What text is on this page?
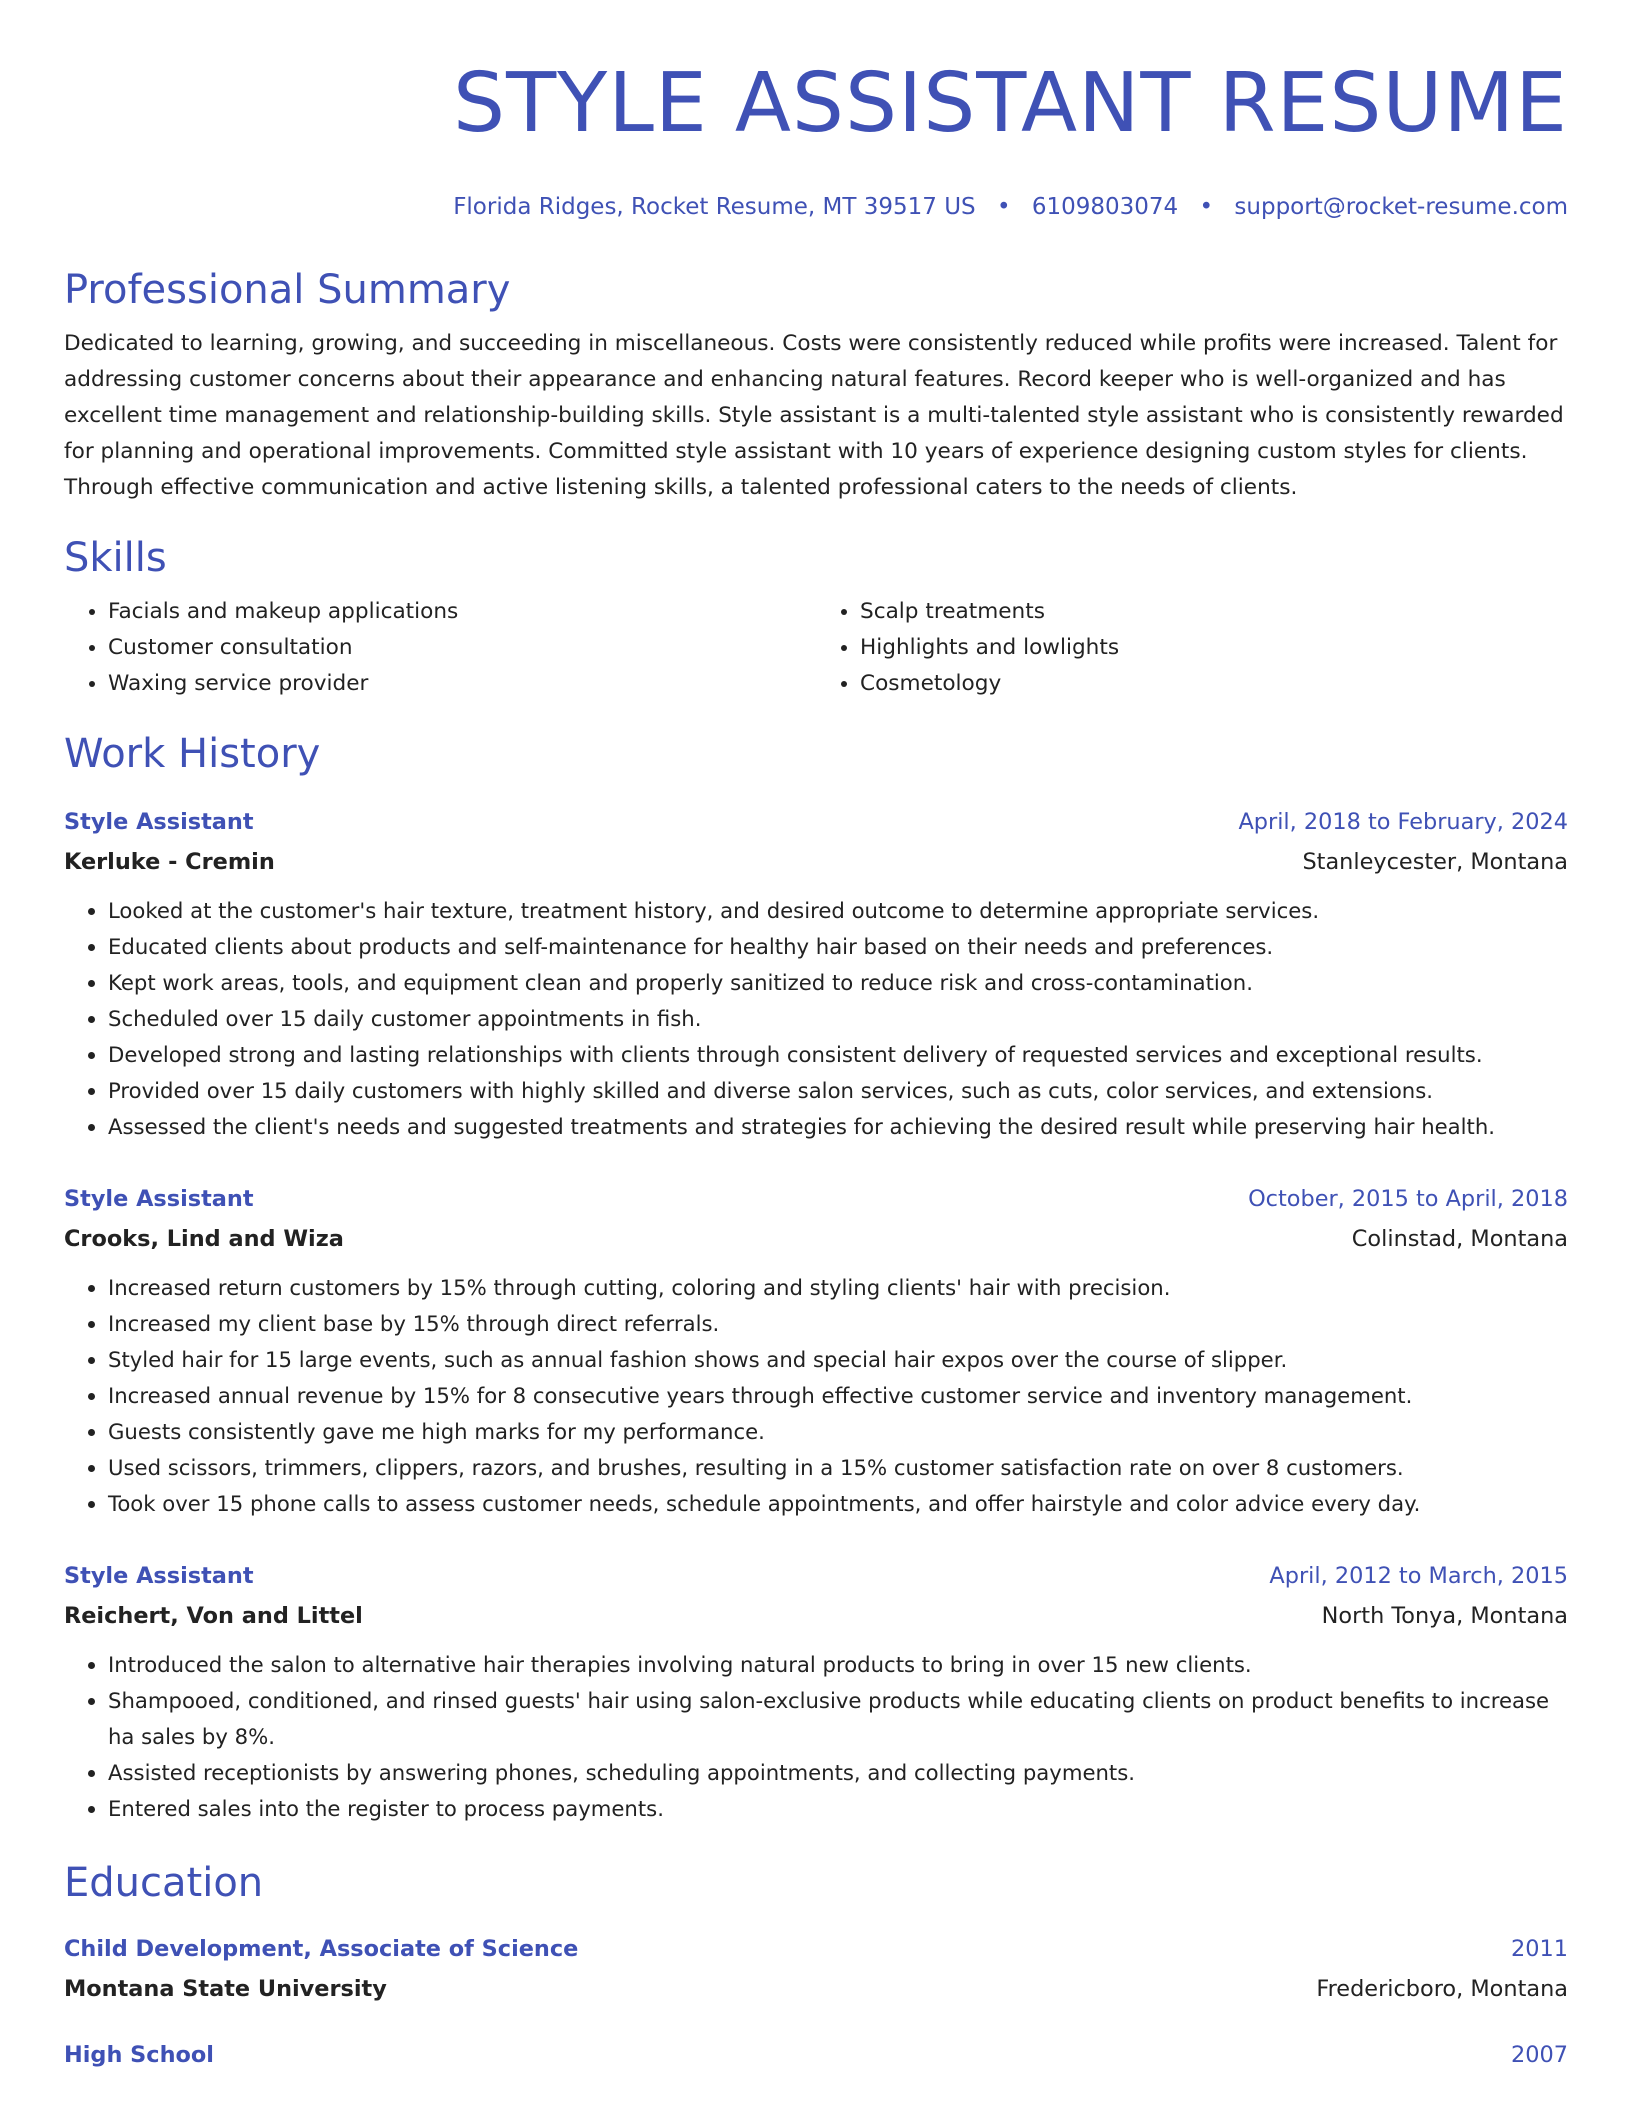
STYLE ASSISTANT RESUME
Florida Ridges, Rocket Resume, MT 39517 US • 6109803074 • support@rocket-resume.com
Professional Summary

Dedicated to learning, growing, and succeeding in miscellaneous. Costs were consistently reduced while profits were increased. Talent for addressing customer concerns about their appearance and enhancing natural features. Record keeper who is well-organized and has excellent time management and relationship-building skills. Style assistant is a multi-talented style assistant who is consistently rewarded for planning and operational improvements. Committed style assistant with 10 years of experience designing custom styles for clients. Through effective communication and active listening skills, a talented professional caters to the needs of clients.

Skills
• Facials and makeup applications
• Customer consultation
• Waxing service provider
• Scalp treatments
• Highlights and lowlights
• Cosmetology
Work History
Style Assistant	April, 2018 to February, 2024
Kerluke - Cremin	Stanleycester, Montana
• Looked at the customer's hair texture, treatment history, and desired outcome to determine appropriate services.
• Educated clients about products and self-maintenance for healthy hair based on their needs and preferences.
• Kept work areas, tools, and equipment clean and properly sanitized to reduce risk and cross-contamination.
• Scheduled over 15 daily customer appointments in fish.
• Developed strong and lasting relationships with clients through consistent delivery of requested services and exceptional results.
• Provided over 15 daily customers with highly skilled and diverse salon services, such as cuts, color services, and extensions.
• Assessed the client's needs and suggested treatments and strategies for achieving the desired result while preserving hair health.
Style Assistant	October, 2015 to April, 2018
Crooks, Lind and Wiza	Colinstad, Montana
• Increased return customers by 15% through cutting, coloring and styling clients' hair with precision.
• Increased my client base by 15% through direct referrals.
• Styled hair for 15 large events, such as annual fashion shows and special hair expos over the course of slipper.
• Increased annual revenue by 15% for 8 consecutive years through effective customer service and inventory management.
• Guests consistently gave me high marks for my performance.
• Used scissors, trimmers, clippers, razors, and brushes, resulting in a 15% customer satisfaction rate on over 8 customers.
• Took over 15 phone calls to assess customer needs, schedule appointments, and offer hairstyle and color advice every day.
Style Assistant	April, 2012 to March, 2015
Reichert, Von and Littel	North Tonya, Montana
• Introduced the salon to alternative hair therapies involving natural products to bring in over 15 new clients.
• Shampooed, conditioned, and rinsed guests' hair using salon-exclusive products while educating clients on product benefits to increase ha sales by 8%.
• Assisted receptionists by answering phones, scheduling appointments, and collecting payments.
• Entered sales into the register to process payments.
Education
Child Development, Associate of Science	2011
Montana State University	Fredericboro, Montana
High School	2007
